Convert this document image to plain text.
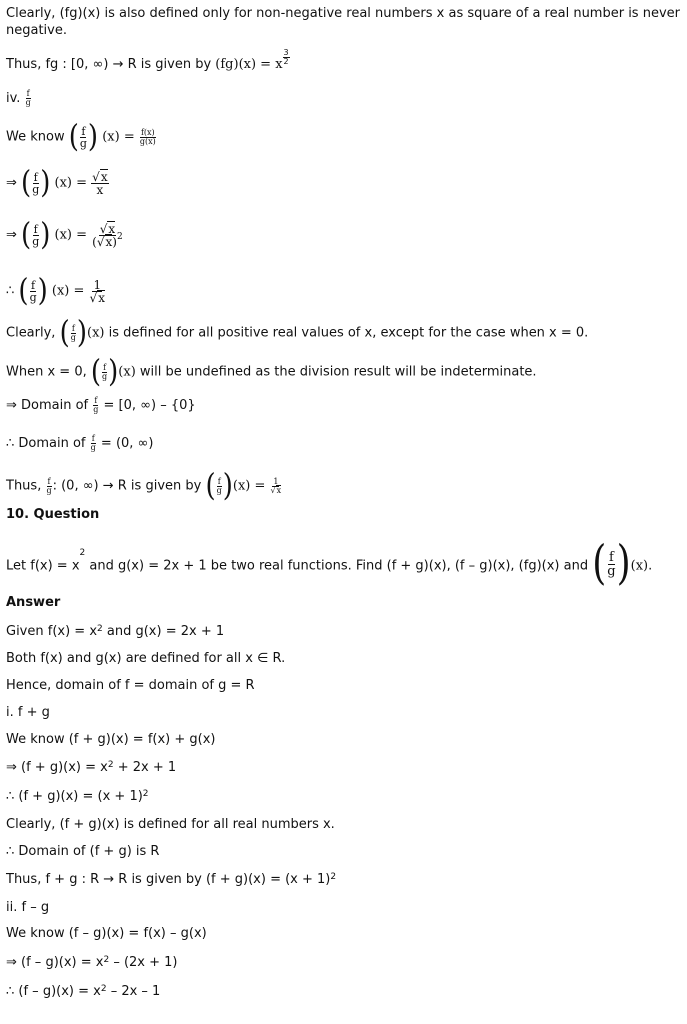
Clearly, (fg)(x) is also defined only for non-negative real numbers x as square of a real number is never
negative.
Thus, fg : [0, ∞) → R is given by (fg)(x) = x $\frac{3}{2}$
iv. $\frac{f}{g}$
We know ( f
g ) $(x) = \frac{f(x)}{g(x)}$
⇒ ( f
g ) $(x) = \frac{√x}{x}$
⇒ ( f
g ) $(x) = \frac{√x}{(√x)^2}$
∴ ( f
g ) $(x) = \frac{1}{√x}$
Clearly, ( f
g ) (x) is defined for all positive real values of x, except for the case when x = 0.
When x = 0, ( f
g ) (x) will be undefined as the division result will be indeterminate.
⇒ Domain of $\frac{f}{g} = [0$, ∞) – {0}
∴ Domain of $\frac{f}{g} = (0$, ∞)
Thus, $\frac{f}{g}$ : (0, ∞) → R is given by ( f
g ) $(x) = \frac{1}{√x}$
10. Question
Let $f(x) = x^2$ and g(x) = 2x + 1 be two real functions. Find (f + g)(x), (f – g)(x), (fg)(x) and ( f
g ) (x).
Answer
Given $f(x) = x^2$ and g(x) = 2x + 1
Both f(x) and g(x) are defined for all x ∈ R.
Hence, domain of f = domain of g = R
i. f + g
We know (f + g)(x) = f(x) + g(x)
⇒ $(f + g)(x) = x^2 + 2x + 1$
∴ $(f + g)(x) = (x + 1)^2$
Clearly, (f + g)(x) is defined for all real numbers x.
∴ Domain of (f + g) is R
Thus, f + g : R → R is given by $(f + g)(x) = (x + 1)^2$
ii. f – g
We know (f – g)(x) = f(x) – g(x)
⇒ $(f - g)(x) = x^2 - (2x + 1)$
∴ $(f - g)(x) = x^2 - 2x - 1$
